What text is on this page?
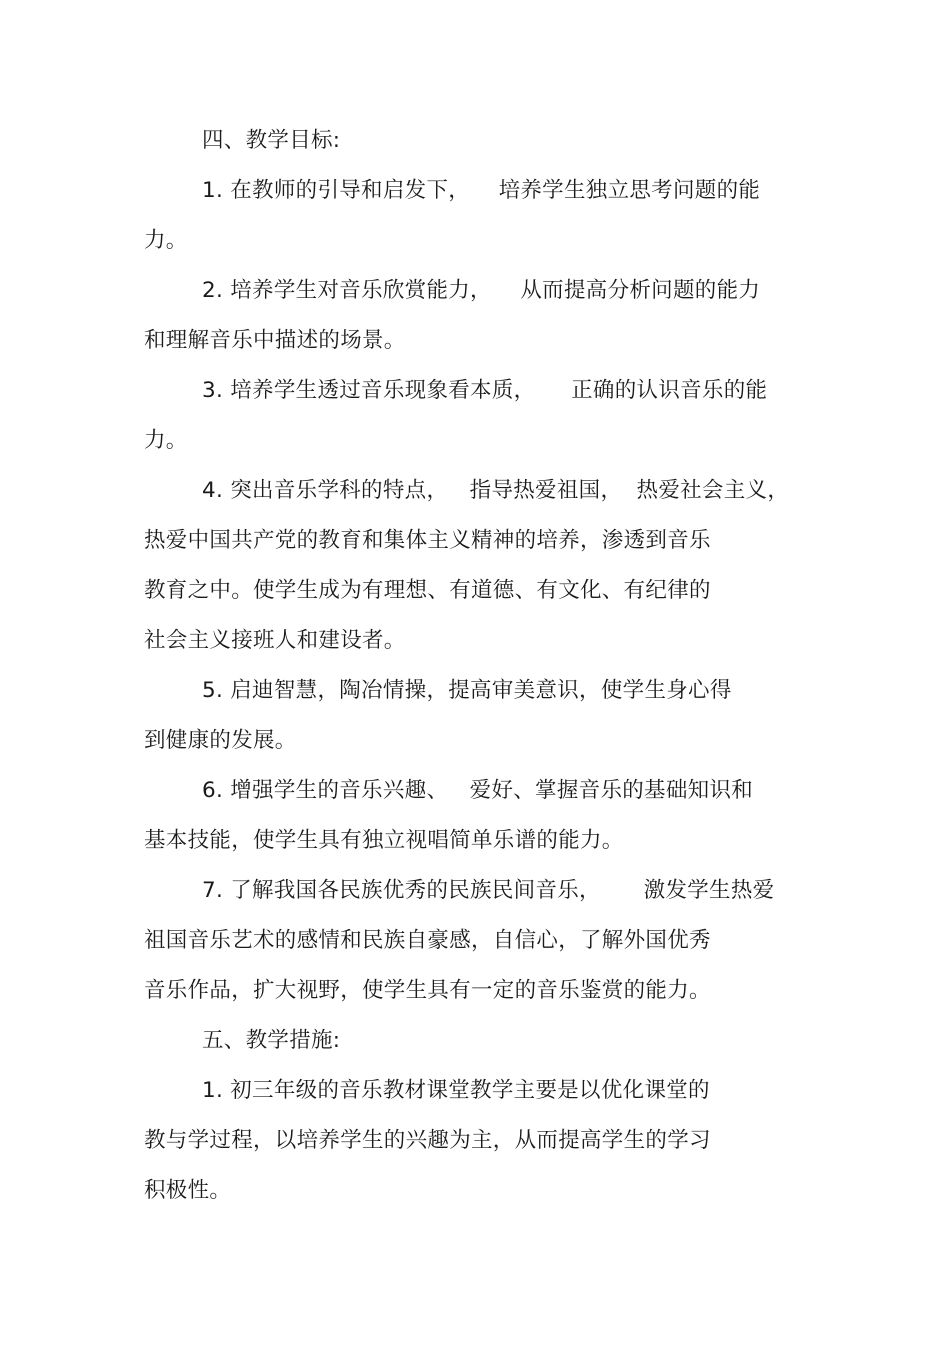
四、教学目标:
1. 在教师的引导和启发下，    培养学生独立思考问题的能
力。
2. 培养学生对音乐欣赏能力，    从而提高分析问题的能力
和理解音乐中描述的场景。
3. 培养学生透过音乐现象看本质，     正确的认识音乐的能
力。
4. 突出音乐学科的特点，   指导热爱祖国，  热爱社会主义，
热爱中国共产党的教育和集体主义精神的培养，渗透到音乐
教育之中。使学生成为有理想、有道德、有文化、有纪律的
社会主义接班人和建设者。
5. 启迪智慧，陶冶情操，提高审美意识，使学生身心得
到健康的发展。
6. 增强学生的音乐兴趣、   爱好、掌握音乐的基础知识和
基本技能，使学生具有独立视唱简单乐谱的能力。
7. 了解我国各民族优秀的民族民间音乐，      激发学生热爱
祖国音乐艺术的感情和民族自豪感，自信心，了解外国优秀
音乐作品，扩大视野，使学生具有一定的音乐鉴赏的能力。
五、教学措施:
1. 初三年级的音乐教材课堂教学主要是以优化课堂的
教与学过程，以培养学生的兴趣为主，从而提高学生的学习
积极性。
